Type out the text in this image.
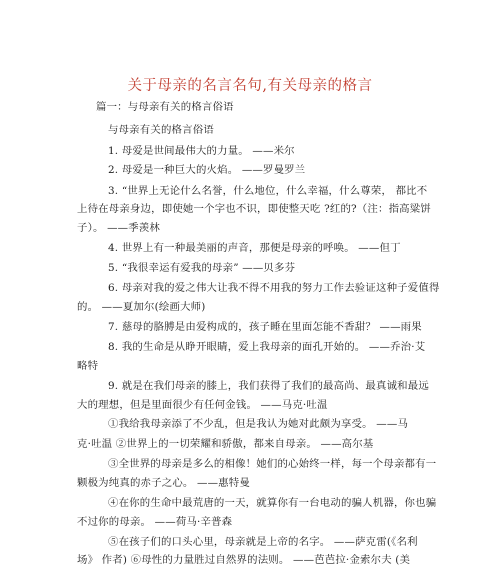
关于母亲的名言名句,有关母亲的格言
篇一：与母亲有关的格言俗语
与母亲有关的格言俗语
1. 母爱是世间最伟大的力量。 ——米尔
2. 母爱是一种巨大的火焰。 ——罗曼罗兰
3. “世界上无论什么名誉，什么地位，什么幸福，什么尊荣， 都比不
上待在母亲身边，即使她一个字也不识，即使整天吃 ?红的?（注：指高粱饼
子）。 ——季羡林
4. 世界上有一种最美丽的声音，那便是母亲的呼唤。 ——但丁
5. “我很幸运有爱我的母亲” ——贝多芬
6. 母亲对我的爱之伟大让我不得不用我的努力工作去验证这种子爱值得
的。 ——夏加尔(绘画大师)
7. 慈母的胳膊是由爱构成的，孩子睡在里面怎能不香甜？ ——雨果
8. 我的生命是从睁开眼睛，爱上我母亲的面孔开始的。 ——乔治·艾
略特
9. 就是在我们母亲的膝上，我们获得了我们的最高尚、最真诚和最远
大的理想，但是里面很少有任何金钱。 ——马克·吐温
①我给我母亲添了不少乱，但是我认为她对此颇为享受。 ——马
克·吐温 ②世界上的一切荣耀和骄傲，都来自母亲。 ——高尔基
③全世界的母亲是多么的相像！她们的心始终一样，每一个母亲都有一
颗极为纯真的赤子之心。 ——惠特曼
④在你的生命中最荒唐的一天，就算你有一台电动的骗人机器，你也骗
不过你的母亲。 ——荷马·辛普森
⑤在孩子们的口头心里，母亲就是上帝的名字。 ——萨克雷(《名利
场》 作者) ⑥母性的力量胜过自然界的法则。 ——芭芭拉·金索尔夫 (美
